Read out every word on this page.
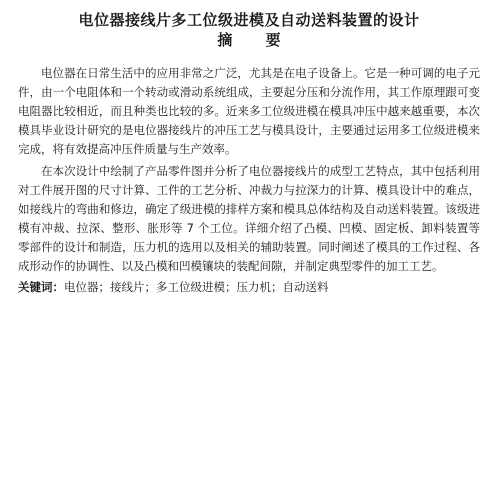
电位器接线片多工位级进模及自动送料装置的设计
摘 要

电位器在日常生活中的应用非常之广泛，尤其是在电子设备上。它是一种可调的电子元件，由一个电阻体和一个转动或滑动系统组成，主要起分压和分流作用，其工作原理跟可变电阻器比较相近，而且种类也比较的多。近来多工位级进模在模具冲压中越来越重要，本次模具毕业设计研究的是电位器接线片的冲压工艺与模具设计，主要通过运用多工位级进模来完成，将有效提高冲压件质量与生产效率。

在本次设计中绘制了产品零件图并分析了电位器接线片的成型工艺特点，其中包括利用对工件展开图的尺寸计算、工件的工艺分析、冲裁力与拉深力的计算、模具设计中的难点，如接线片的弯曲和修边，确定了级进模的排样方案和模具总体结构及自动送料装置。该级进模有冲裁、拉深、整形、胀形等 7 个工位。详细介绍了凸模、凹模、固定板、卸料装置等零部件的设计和制造，压力机的选用以及相关的辅助装置。同时阐述了模具的工作过程、各成形动作的协调性、以及凸模和凹模镶块的装配间隙，并制定典型零件的加工工艺。

关键词：电位器；接线片；多工位级进模；压力机；自动送料
